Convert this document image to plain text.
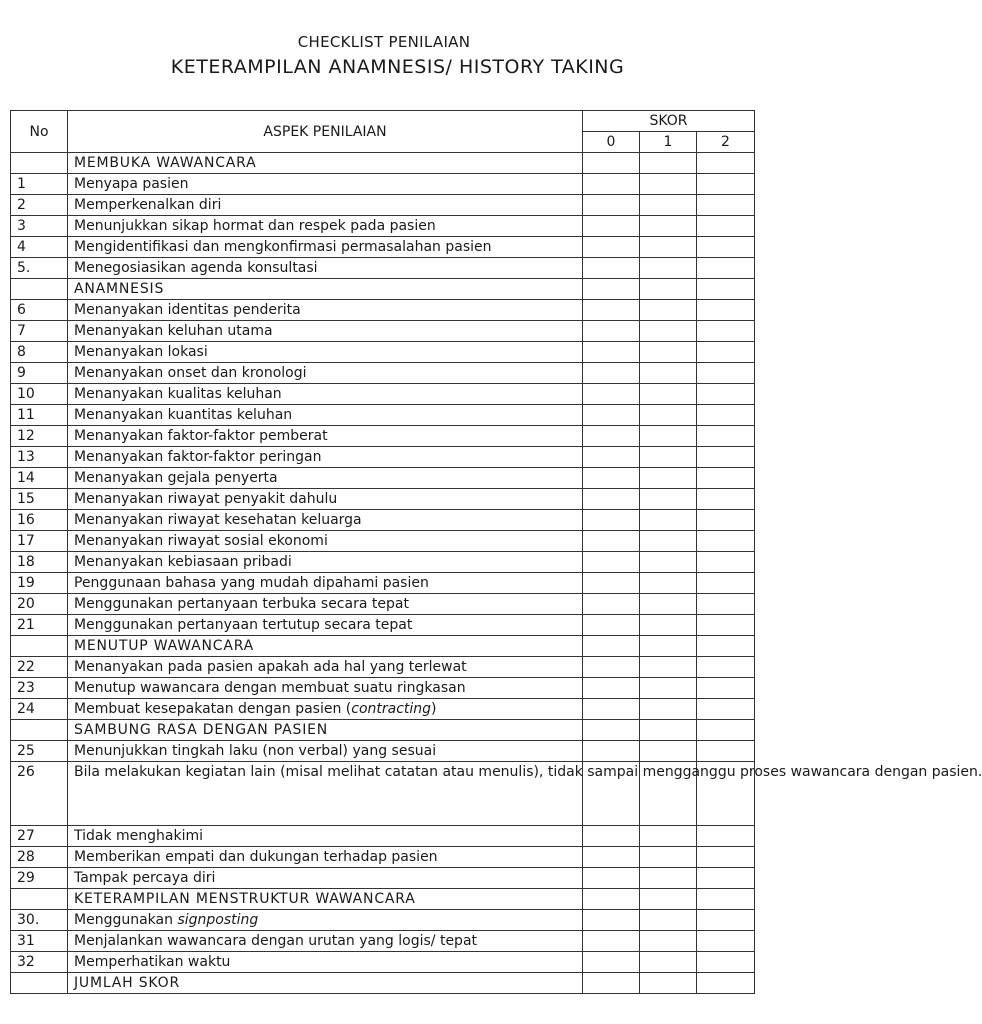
CHECKLIST PENILAIAN
KETERAMPILAN ANAMNESIS/ HISTORY TAKING
No	ASPEK PENILAIAN	SKOR		
		0	1	2
	MEMBUKA WAWANCARA			
1	Menyapa pasien			
2	Memperkenalkan diri			
3	Menunjukkan sikap hormat dan respek pada pasien			
4	Mengidentifikasi dan mengkonfirmasi permasalahan pasien			
5.	Menegosiasikan agenda konsultasi			
	ANAMNESIS			
6	Menanyakan identitas penderita			
7	Menanyakan keluhan utama			
8	Menanyakan lokasi			
9	Menanyakan onset dan kronologi			
10	Menanyakan kualitas keluhan			
11	Menanyakan kuantitas keluhan			
12	Menanyakan faktor-faktor pemberat			
13	Menanyakan faktor-faktor peringan			
14	Menanyakan gejala penyerta			
15	Menanyakan riwayat penyakit dahulu			
16	Menanyakan riwayat kesehatan keluarga			
17	Menanyakan riwayat sosial ekonomi			
18	Menanyakan kebiasaan pribadi			
19	Penggunaan bahasa yang mudah dipahami pasien			
20	Menggunakan pertanyaan terbuka secara tepat			
21	Menggunakan pertanyaan tertutup secara tepat			
	MENUTUP WAWANCARA			
22	Menanyakan pada pasien apakah ada hal yang terlewat			
23	Menutup wawancara dengan membuat suatu ringkasan			
24	Membuat kesepakatan dengan pasien (contracting)			
	SAMBUNG RASA DENGAN PASIEN			
25	Menunjukkan tingkah laku (non verbal) yang sesuai			
26	Bila melakukan kegiatan lain (misal melihat catatan atau menulis), tidak sampai mengganggu proses wawancara dengan pasien.			
27	Tidak menghakimi			
28	Memberikan empati dan dukungan terhadap pasien			
29	Tampak percaya diri			
	KETERAMPILAN MENSTRUKTUR WAWANCARA			
30.	Menggunakan signposting			
31	Menjalankan wawancara dengan urutan yang logis/ tepat			
32	Memperhatikan waktu			
	JUMLAH SKOR			
